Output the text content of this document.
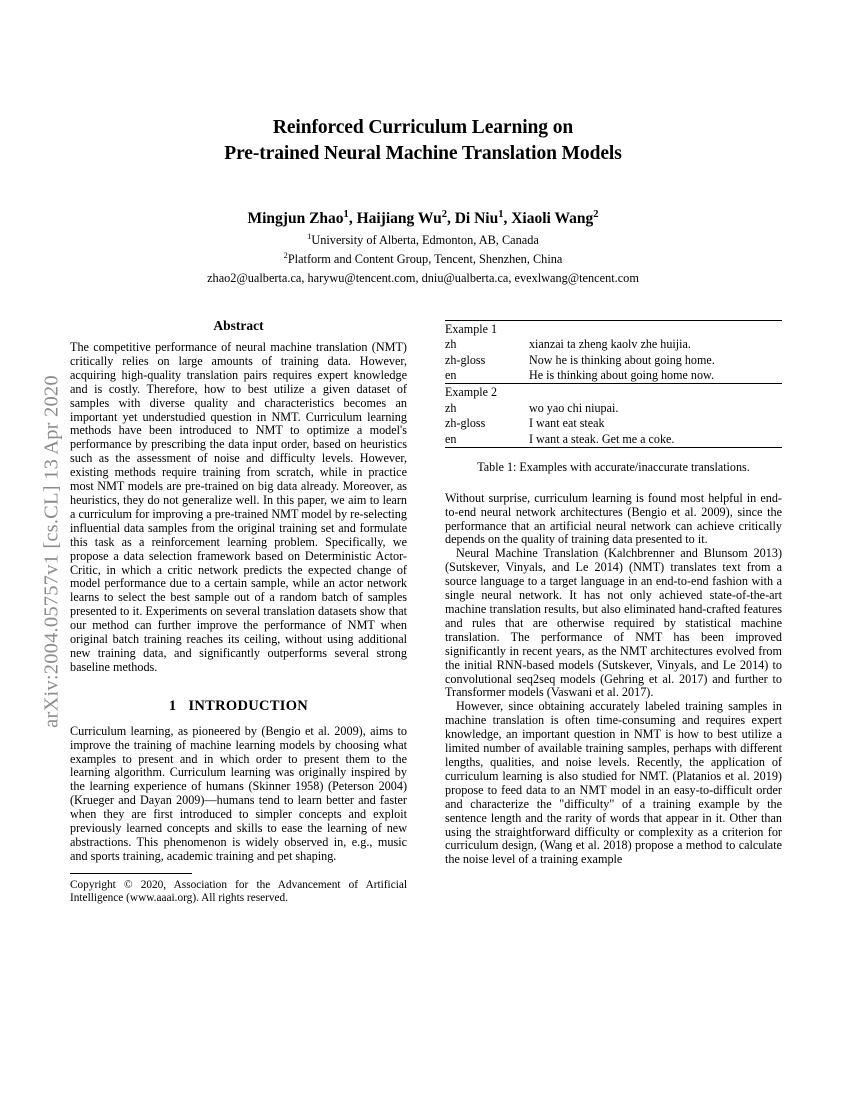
arXiv:2004.05757v1 [cs.CL] 13 Apr 2020
Reinforced Curriculum Learning on
Pre-trained Neural Machine Translation Models
Mingjun Zhao$^1$, Haijiang Wu$^2$, Di Niu$^1$, Xiaoli Wang$^2$
$^1$University of Alberta, Edmonton, AB, Canada
$^2$Platform and Content Group, Tencent, Shenzhen, China
zhao2@ualberta.ca, harywu@tencent.com, dniu@ualberta.ca, evexlwang@tencent.com
Abstract

The competitive performance of neural machine translation (NMT) critically relies on large amounts of training data. However, acquiring high-quality translation pairs requires expert knowledge and is costly. Therefore, how to best utilize a given dataset of samples with diverse quality and characteristics becomes an important yet understudied question in NMT. Curriculum learning methods have been introduced to NMT to optimize a model's performance by prescribing the data input order, based on heuristics such as the assessment of noise and difficulty levels. However, existing methods require training from scratch, while in practice most NMT models are pre-trained on big data already. Moreover, as heuristics, they do not generalize well. In this paper, we aim to learn a curriculum for improving a pre-trained NMT model by re-selecting influential data samples from the original training set and formulate this task as a reinforcement learning problem. Specifically, we propose a data selection framework based on Deterministic Actor-Critic, in which a critic network predicts the expected change of model performance due to a certain sample, while an actor network learns to select the best sample out of a random batch of samples presented to it. Experiments on several translation datasets show that our method can further improve the performance of NMT when original batch training reaches its ceiling, without using additional new training data, and significantly outperforms several strong baseline methods.

1 INTRODUCTION

Curriculum learning, as pioneered by (Bengio et al. 2009), aims to improve the training of machine learning models by choosing what examples to present and in which order to present them to the learning algorithm. Curriculum learning was originally inspired by the learning experience of humans (Skinner 1958) (Peterson 2004) (Krueger and Dayan 2009)—humans tend to learn better and faster when they are first introduced to simpler concepts and exploit previously learned concepts and skills to ease the learning of new abstractions. This phenomenon is widely observed in, e.g., music and sports training, academic training and pet shaping.

Copyright © 2020, Association for the Advancement of Artificial Intelligence (www.aaai.org). All rights reserved.
Example 1	
zh	xianzai ta zheng kaolv zhe huijia.
zh-gloss	Now he is thinking about going home.
en	He is thinking about going home now.
Example 2	
zh	wo yao chi niupai.
zh-gloss	I want eat steak
en	I want a steak. Get me a coke.
Table 1: Examples with accurate/inaccurate translations.

Without surprise, curriculum learning is found most helpful in end-to-end neural network architectures (Bengio et al. 2009), since the performance that an artificial neural network can achieve critically depends on the quality of training data presented to it.

Neural Machine Translation (Kalchbrenner and Blunsom 2013) (Sutskever, Vinyals, and Le 2014) (NMT) translates text from a source language to a target language in an end-to-end fashion with a single neural network. It has not only achieved state-of-the-art machine translation results, but also eliminated hand-crafted features and rules that are otherwise required by statistical machine translation. The performance of NMT has been improved significantly in recent years, as the NMT architectures evolved from the initial RNN-based models (Sutskever, Vinyals, and Le 2014) to convolutional seq2seq models (Gehring et al. 2017) and further to Transformer models (Vaswani et al. 2017).

However, since obtaining accurately labeled training samples in machine translation is often time-consuming and requires expert knowledge, an important question in NMT is how to best utilize a limited number of available training samples, perhaps with different lengths, qualities, and noise levels. Recently, the application of curriculum learning is also studied for NMT. (Platanios et al. 2019) propose to feed data to an NMT model in an easy-to-difficult order and characterize the "difficulty" of a training example by the sentence length and the rarity of words that appear in it. Other than using the straightforward difficulty or complexity as a criterion for curriculum design, (Wang et al. 2018) propose a method to calculate the noise level of a training example
